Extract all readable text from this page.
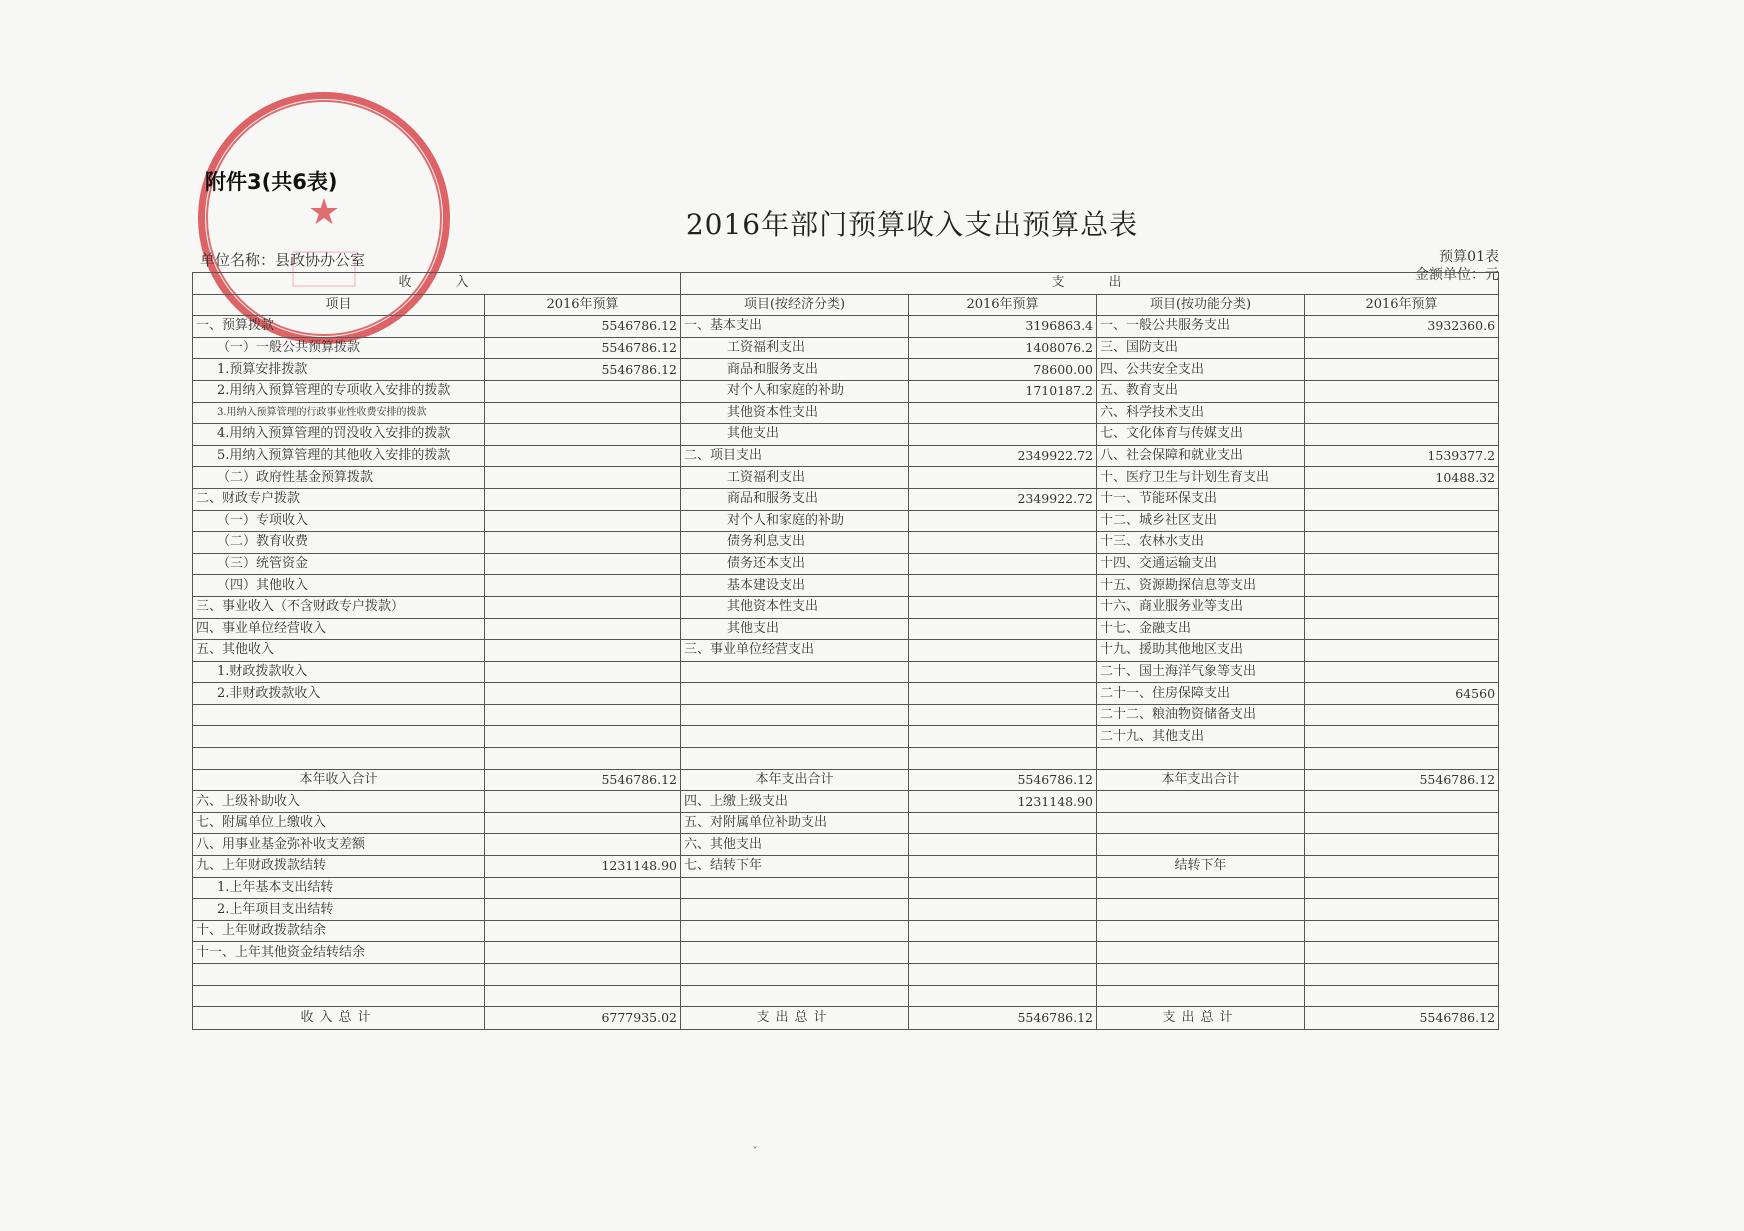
★
附件3(共6表)
2016年部门预算收入支出预算总表
单位名称：县政协办公室	预算01表
金额单位：元
收　　入		支　　出			
项目	2016年预算	项目(按经济分类)	2016年预算	项目(按功能分类)	2016年预算
一、预算拨款	5546786.12	一、基本支出	3196863.4	一、一般公共服务支出	3932360.6
（一）一般公共预算拨款	5546786.12	工资福利支出	1408076.2	三、国防支出	
1.预算安排拨款	5546786.12	商品和服务支出	78600.00	四、公共安全支出	
2.用纳入预算管理的专项收入安排的拨款		对个人和家庭的补助	1710187.2	五、教育支出	
3.用纳入预算管理的行政事业性收费安排的拨款		其他资本性支出		六、科学技术支出	
4.用纳入预算管理的罚没收入安排的拨款		其他支出		七、文化体育与传媒支出	
5.用纳入预算管理的其他收入安排的拨款		二、项目支出	2349922.72	八、社会保障和就业支出	1539377.2
（二）政府性基金预算拨款		工资福利支出		十、医疗卫生与计划生育支出	10488.32
二、财政专户拨款		商品和服务支出	2349922.72	十一、节能环保支出	
（一）专项收入		对个人和家庭的补助		十二、城乡社区支出	
（二）教育收费		债务利息支出		十三、农林水支出	
（三）统管资金		债务还本支出		十四、交通运输支出	
（四）其他收入		基本建设支出		十五、资源勘探信息等支出	
三、事业收入（不含财政专户拨款）		其他资本性支出		十六、商业服务业等支出	
四、事业单位经营收入		其他支出		十七、金融支出	
五、其他收入		三、事业单位经营支出		十九、援助其他地区支出	
1.财政拨款收入				二十、国土海洋气象等支出	
2.非财政拨款收入				二十一、住房保障支出	64560
				二十二、粮油物资储备支出	
				二十九、其他支出	

本年收入合计	5546786.12	本年支出合计	5546786.12	本年支出合计	5546786.12
六、上级补助收入		四、上缴上级支出	1231148.90		
七、附属单位上缴收入		五、对附属单位补助支出			
八、用事业基金弥补收支差额		六、其他支出			
九、上年财政拨款结转	1231148.90	七、结转下年		结转下年	
1.上年基本支出结转					
2.上年项目支出结转					
十、上年财政拨款结余					
十一、上年其他资金结转结余					

收入总计	6777935.02	支出总计	5546786.12	支出总计	5546786.12
ˇ
